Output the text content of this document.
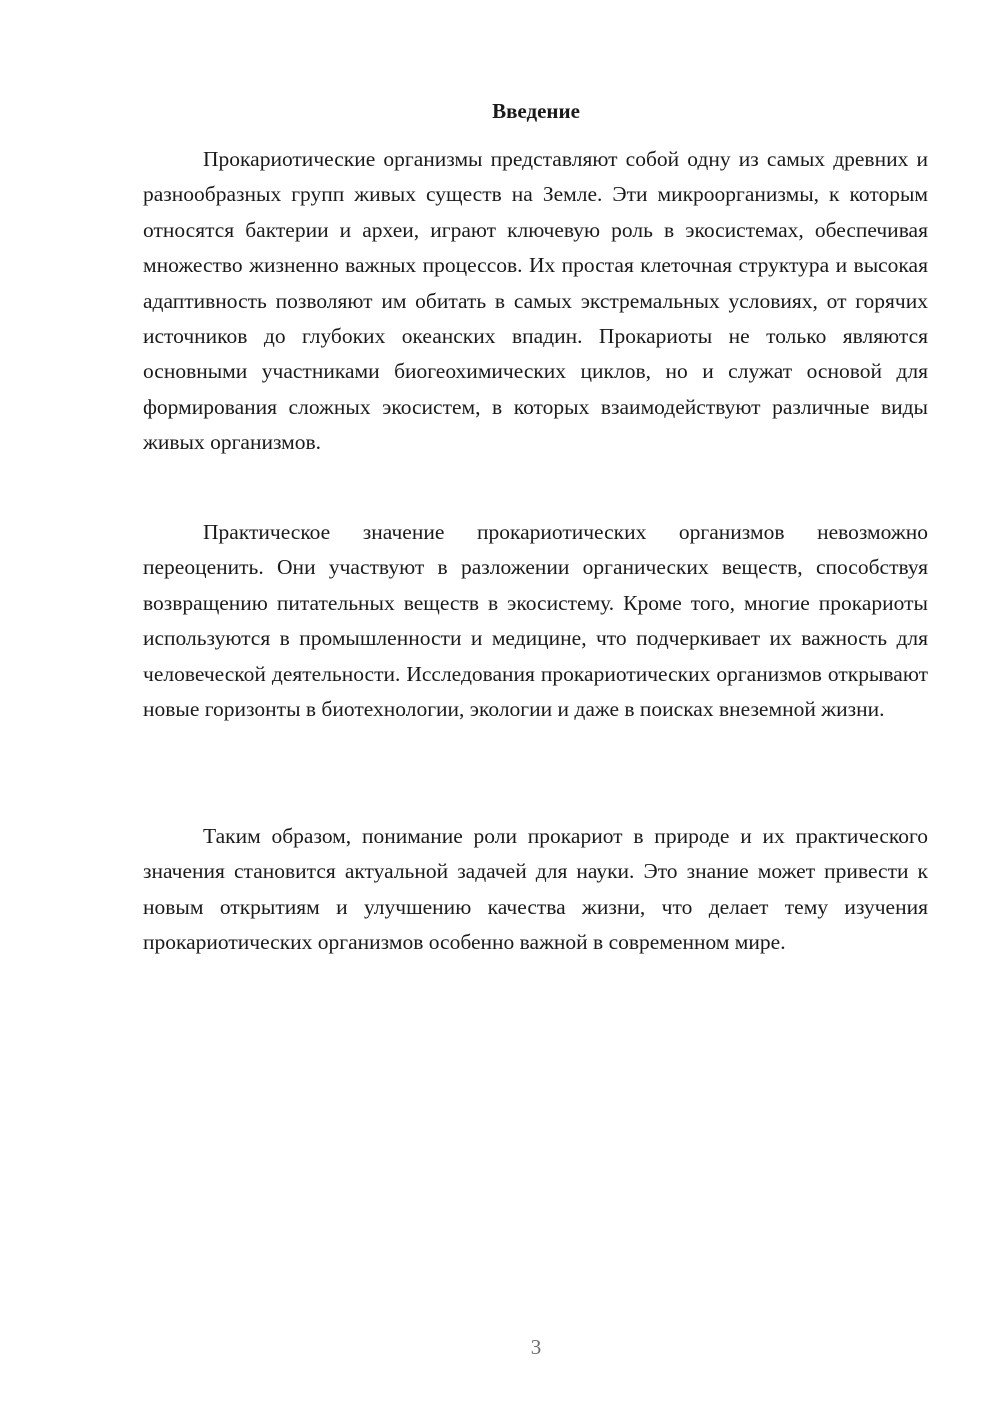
Введение

Прокариотические организмы представляют собой одну из самых древних и разнообразных групп живых существ на Земле. Эти микроорганизмы, к которым относятся бактерии и археи, играют ключевую роль в экосистемах, обеспечивая множество жизненно важных процессов. Их простая клеточная структура и высокая адаптивность позволяют им обитать в самых экстремальных условиях, от горячих источников до глубоких океанских впадин. Прокариоты не только являются основными участниками биогеохимических циклов, но и служат основой для формирования сложных экосистем, в которых взаимодействуют различные виды живых организмов.

Практическое значение прокариотических организмов невозможно переоценить. Они участвуют в разложении органических веществ, способствуя возвращению питательных веществ в экосистему. Кроме того, многие прокариоты используются в промышленности и медицине, что подчеркивает их важность для человеческой деятельности. Исследования прокариотических организмов открывают новые горизонты в биотехнологии, экологии и даже в поисках внеземной жизни.

Таким образом, понимание роли прокариот в природе и их практического значения становится актуальной задачей для науки. Это знание может привести к новым открытиям и улучшению качества жизни, что делает тему изучения прокариотических организмов особенно важной в современном мире.

3
